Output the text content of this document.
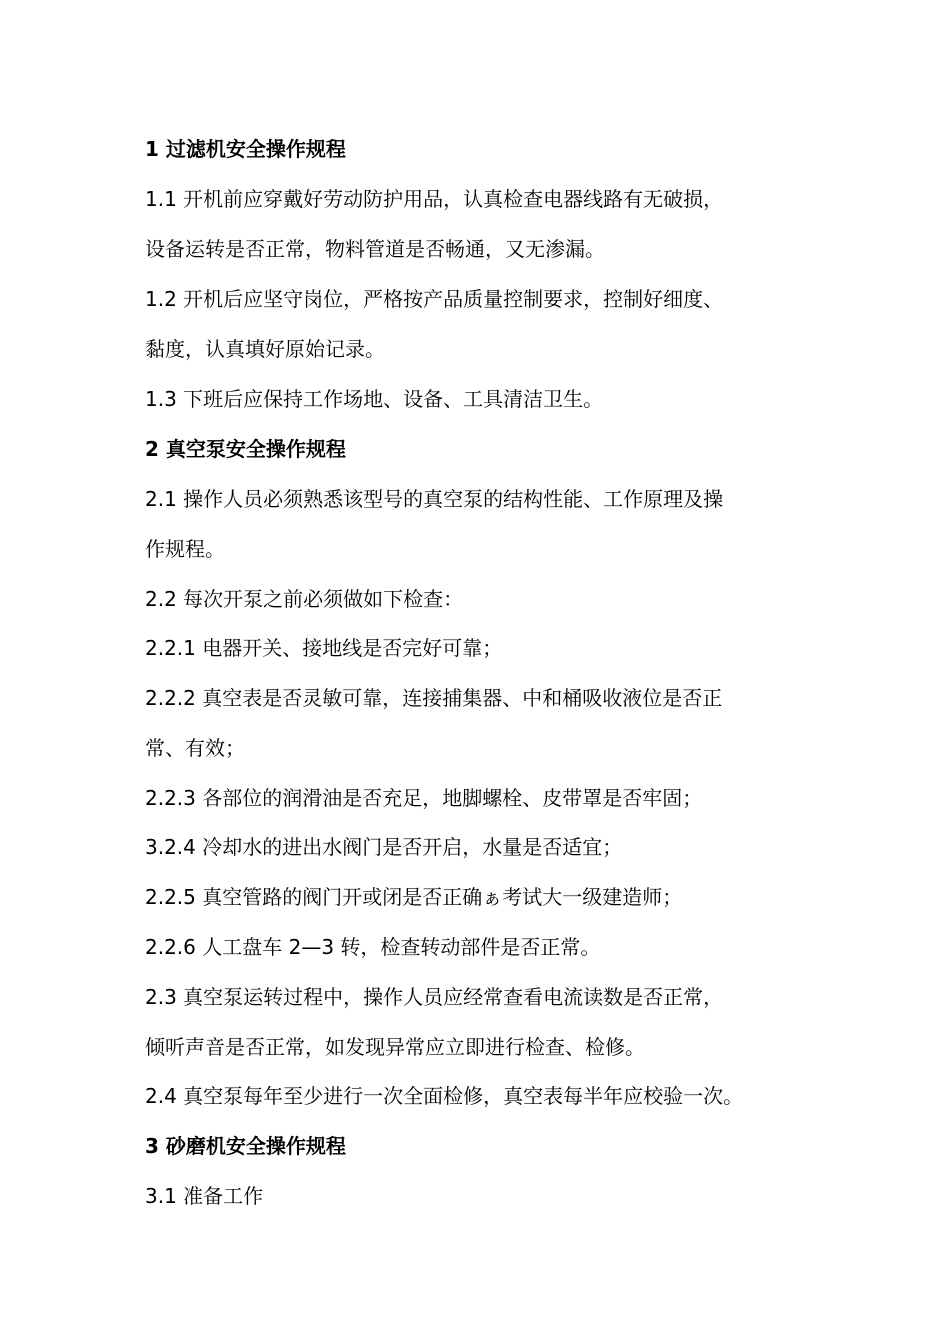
1 过滤机安全操作规程
1.1 开机前应穿戴好劳动防护用品，认真检查电器线路有无破损，
设备运转是否正常，物料管道是否畅通，又无渗漏。
1.2 开机后应坚守岗位，严格按产品质量控制要求，控制好细度、
黏度，认真填好原始记录。
1.3 下班后应保持工作场地、设备、工具清洁卫生。
2 真空泵安全操作规程
2.1 操作人员必须熟悉该型号的真空泵的结构性能、工作原理及操
作规程。
2.2 每次开泵之前必须做如下检查：
2.2.1 电器开关、接地线是否完好可靠；
2.2.2 真空表是否灵敏可靠，连接捕集器、中和桶吸收液位是否正
常、有效；
2.2.3 各部位的润滑油是否充足，地脚螺栓、皮带罩是否牢固；
3.2.4 冷却水的进出水阀门是否开启，水量是否适宜；
2.2.5 真空管路的阀门开或闭是否正确ぁ考试大一级建造师；
2.2.6 人工盘车 2—3 转，检查转动部件是否正常。
2.3 真空泵运转过程中，操作人员应经常查看电流读数是否正常，
倾听声音是否正常，如发现异常应立即进行检查、检修。
2.4 真空泵每年至少进行一次全面检修，真空表每半年应校验一次。
3 砂磨机安全操作规程
3.1 准备工作
